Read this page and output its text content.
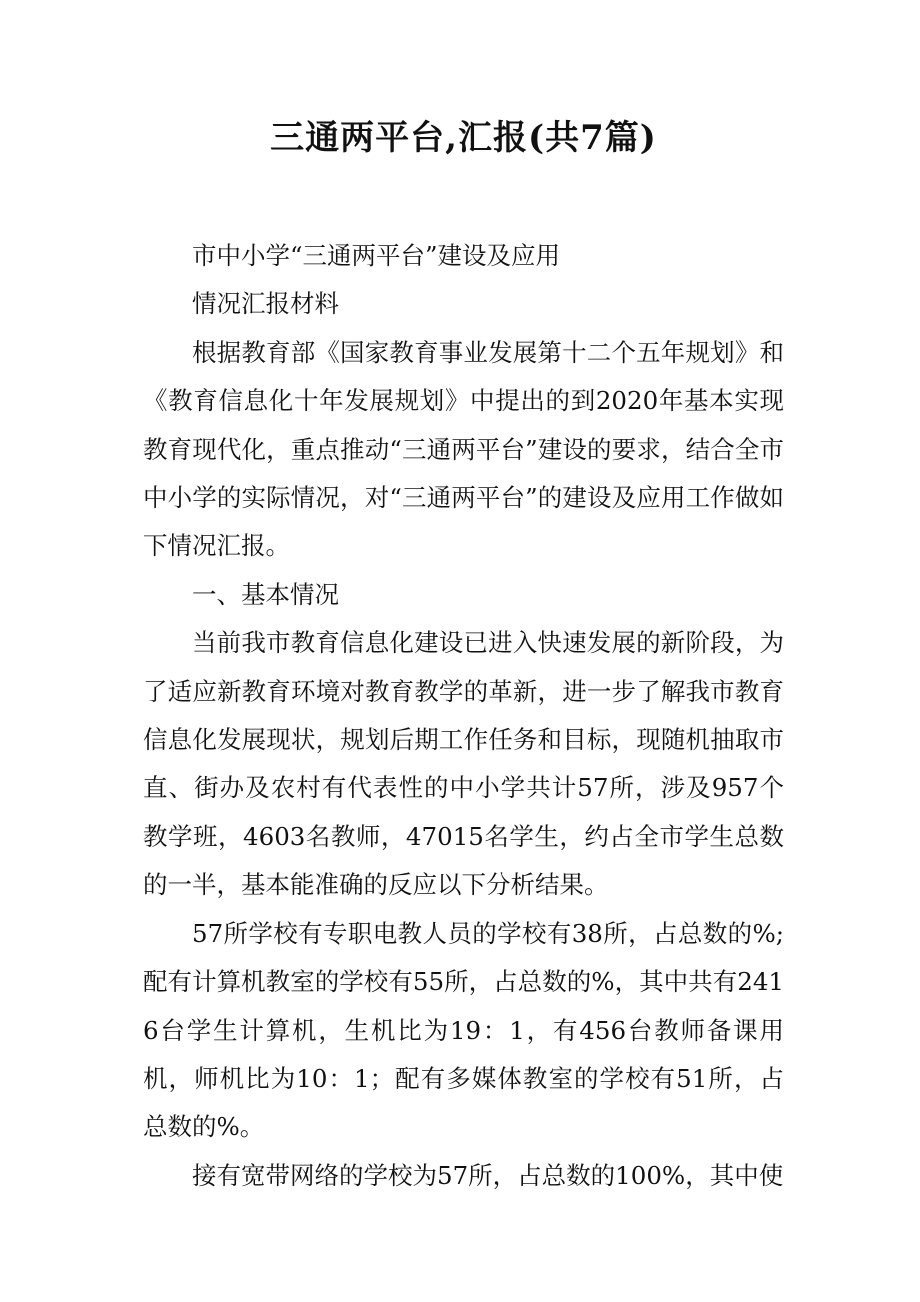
三通两平台,汇报(共7篇)

市中小学“三通两平台”建设及应用

情况汇报材料

根据教育部《国家教育事业发展第十二个五年规划》和《教育信息化十年发展规划》中提出的到2020年基本实现教育现代化，重点推动“三通两平台”建设的要求，结合全市中小学的实际情况，对“三通两平台”的建设及应用工作做如下情况汇报。

一、基本情况

当前我市教育信息化建设已进入快速发展的新阶段，为了适应新教育环境对教育教学的革新，进一步了解我市教育信息化发展现状，规划后期工作任务和目标，现随机抽取市直、街办及农村有代表性的中小学共计57所，涉及957个教学班，4603名教师，47015名学生，约占全市学生总数的一半，基本能准确的反应以下分析结果。

57所学校有专职电教人员的学校有38所，占总数的%;配有计算机教室的学校有55所，占总数的%，其中共有2416台学生计算机，生机比为19：1，有456台教师备课用机，师机比为10：1；配有多媒体教室的学校有51所，占总数的%。

接有宽带网络的学校为57所，占总数的100%，其中使
